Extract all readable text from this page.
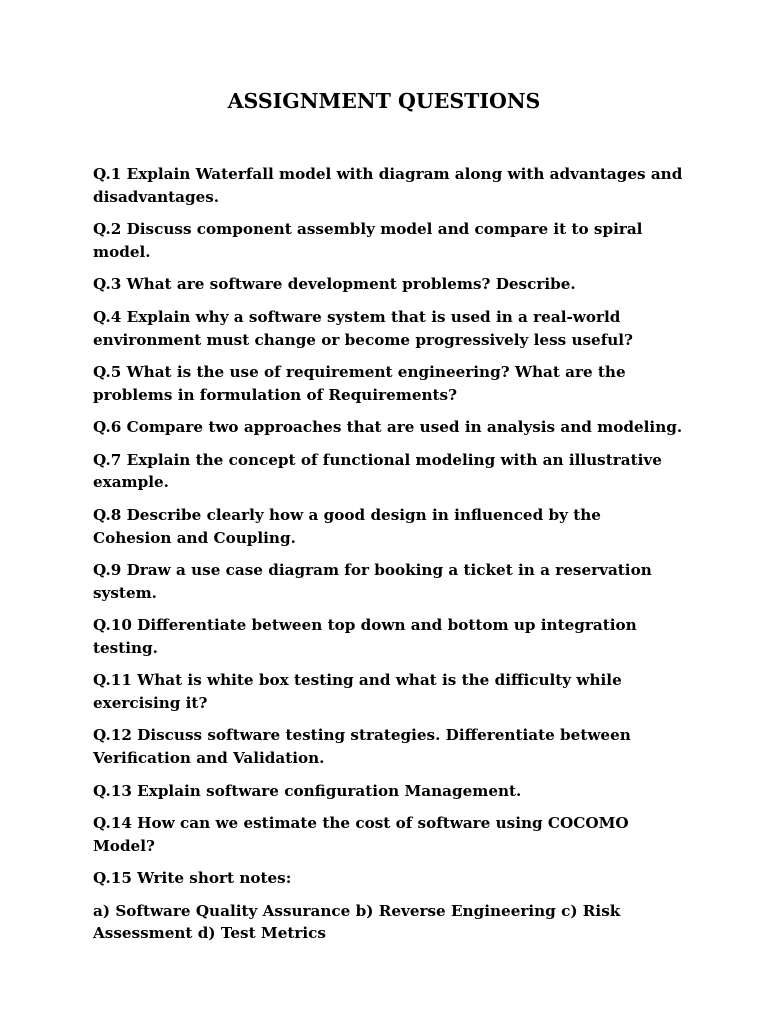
ASSIGNMENT QUESTIONS
Q.1 Explain Waterfall model with diagram along with advantages and disadvantages.
Q.2 Discuss component assembly model and compare it to spiral model.
Q.3 What are software development problems? Describe.
Q.4 Explain why a software system that is used in a real-world environment must change or become progressively less useful?
Q.5 What is the use of requirement engineering? What are the problems in formulation of Requirements?
Q.6 Compare two approaches that are used in analysis and modeling.
Q.7 Explain the concept of functional modeling with an illustrative example.
Q.8 Describe clearly how a good design in influenced by the Cohesion and Coupling.
Q.9 Draw a use case diagram for booking a ticket in a reservation system.
Q.10 Differentiate between top down and bottom up integration testing.
Q.11 What is white box testing and what is the difficulty while exercising it?
Q.12 Discuss software testing strategies. Differentiate between Verification and Validation.
Q.13 Explain software configuration Management.
Q.14 How can we estimate the cost of software using COCOMO Model?
Q.15 Write short notes:
a) Software Quality Assurance b) Reverse Engineering c) Risk Assessment d) Test Metrics
